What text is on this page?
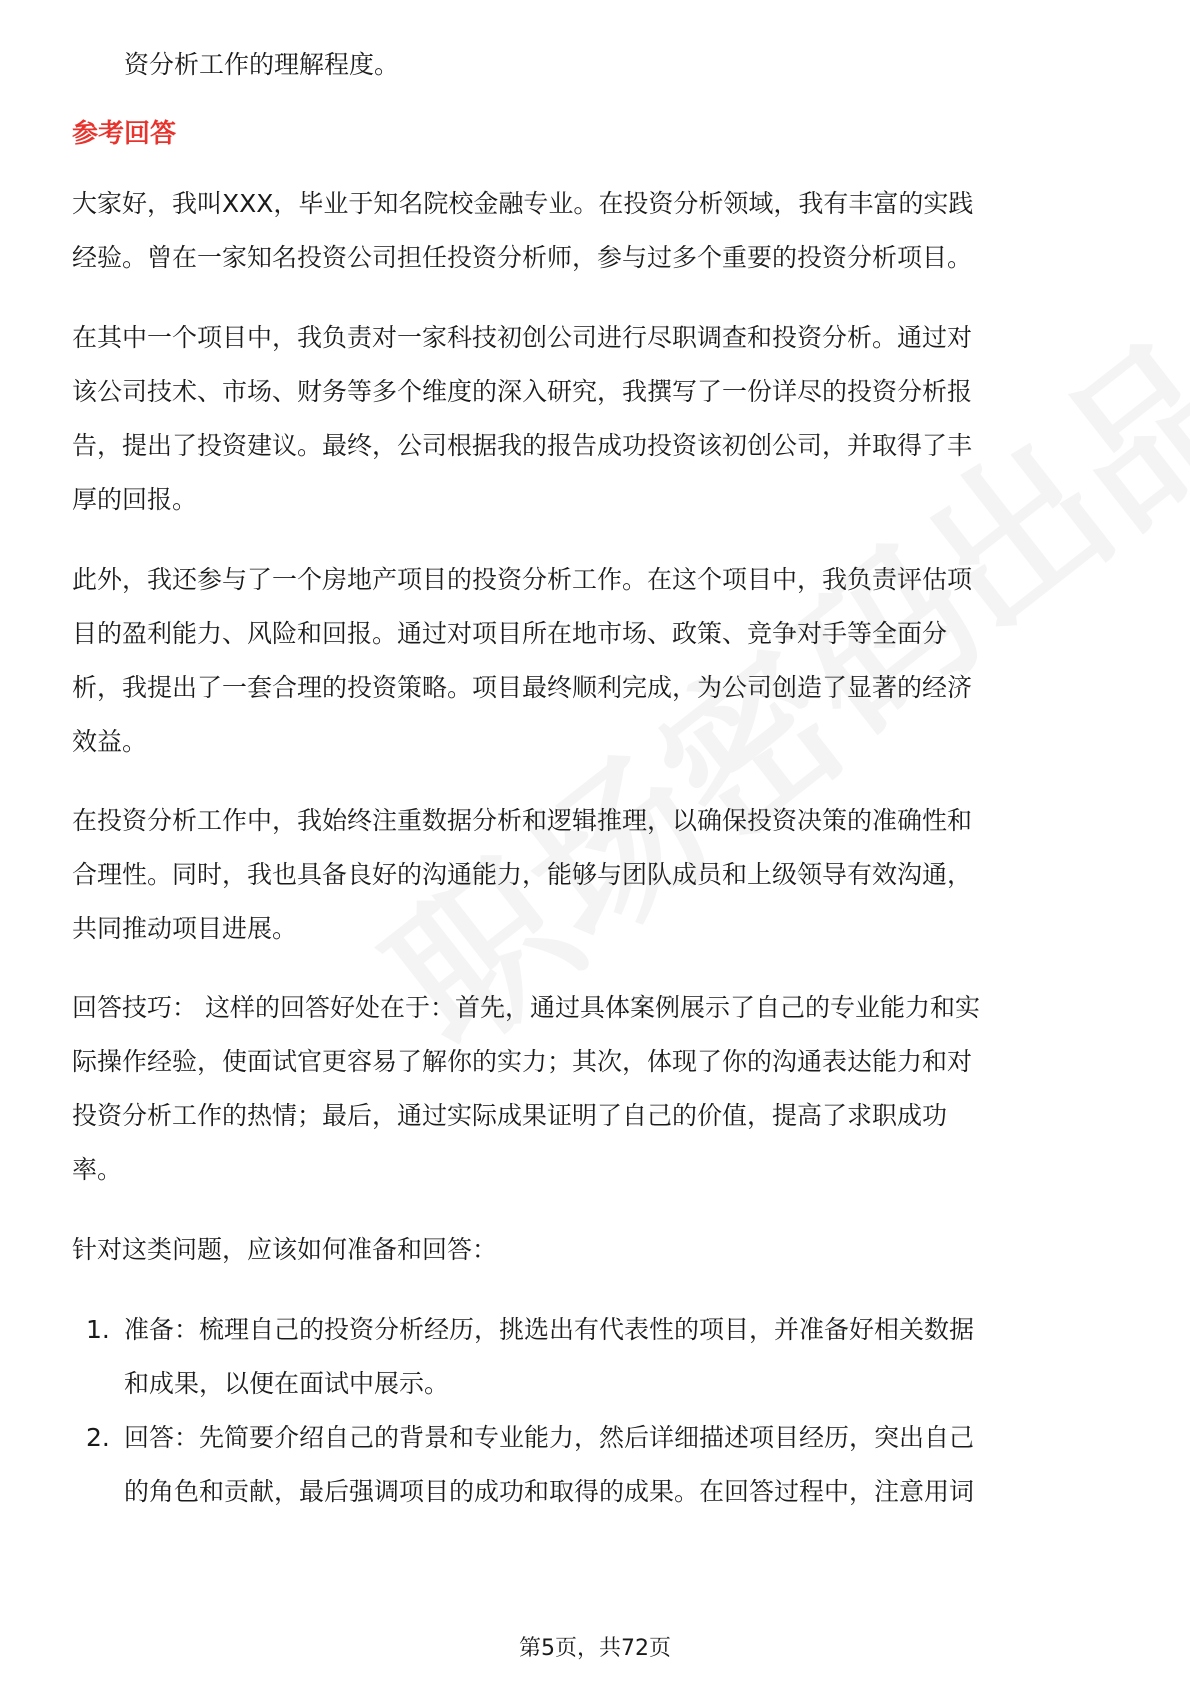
资分析工作的理解程度。

参考回答

大家好，我叫XXX，毕业于知名院校金融专业。在投资分析领域，我有丰富的实践

经验。曾在一家知名投资公司担任投资分析师，参与过多个重要的投资分析项目。

在其中一个项目中，我负责对一家科技初创公司进行尽职调查和投资分析。通过对

该公司技术、市场、财务等多个维度的深入研究，我撰写了一份详尽的投资分析报

告，提出了投资建议。最终，公司根据我的报告成功投资该初创公司，并取得了丰

厚的回报。

此外，我还参与了一个房地产项目的投资分析工作。在这个项目中，我负责评估项

目的盈利能力、风险和回报。通过对项目所在地市场、政策、竞争对手等全面分

析，我提出了一套合理的投资策略。项目最终顺利完成，为公司创造了显著的经济

效益。

在投资分析工作中，我始终注重数据分析和逻辑推理，以确保投资决策的准确性和

合理性。同时，我也具备良好的沟通能力，能够与团队成员和上级领导有效沟通，

共同推动项目进展。

回答技巧： 这样的回答好处在于：首先，通过具体案例展示了自己的专业能力和实

际操作经验，使面试官更容易了解你的实力；其次，体现了你的沟通表达能力和对

投资分析工作的热情；最后，通过实际成果证明了自己的价值，提高了求职成功

率。

针对这类问题，应该如何准备和回答：

1. 准备：梳理自己的投资分析经历，挑选出有代表性的项目，并准备好相关数据

和成果，以便在面试中展示。

2. 回答：先简要介绍自己的背景和专业能力，然后详细描述项目经历，突出自己

的角色和贡献，最后强调项目的成功和取得的成果。在回答过程中，注意用词

第5页，共72页
